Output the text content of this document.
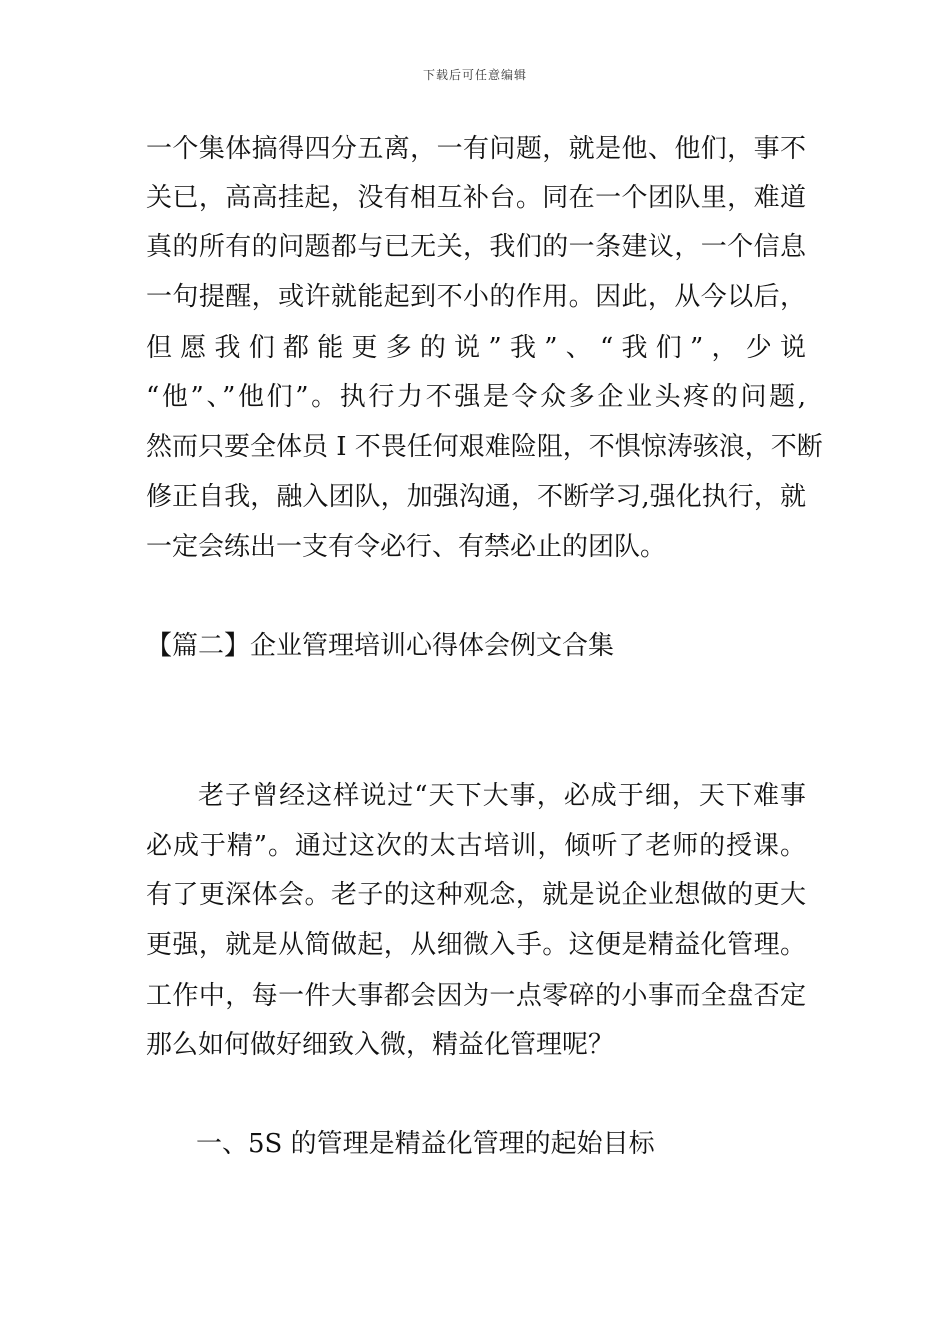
下载后可任意编辑
一个集体搞得四分五离，一有问题，就是他、他们，事不
关已，高高挂起，没有相互补台。同在一个团队里，难道
真的所有的问题都与已无关，我们的一条建议，一个信息
一句提醒，或许就能起到不小的作用。因此，从今以后，
但愿我们都能更多的说”我”、“我们”，少说
“他”、”他们”。执行力不强是令众多企业头疼的问题,
然而只要全体员 I 不畏任何艰难险阻，不惧惊涛骇浪，不断
修正自我，融入团队，加强沟通，不断学习,强化执行，就
一定会练出一支有令必行、有禁必止的团队。
【篇二】企业管理培训心得体会例文合集
老子曾经这样说过“天下大事，必成于细，天下难事
必成于精”。通过这次的太古培训，倾听了老师的授课。
有了更深体会。老子的这种观念，就是说企业想做的更大
更强，就是从简做起，从细微入手。这便是精益化管理。
工作中，每一件大事都会因为一点零碎的小事而全盘否定
那么如何做好细致入微，精益化管理呢？
一、5S 的管理是精益化管理的起始目标
